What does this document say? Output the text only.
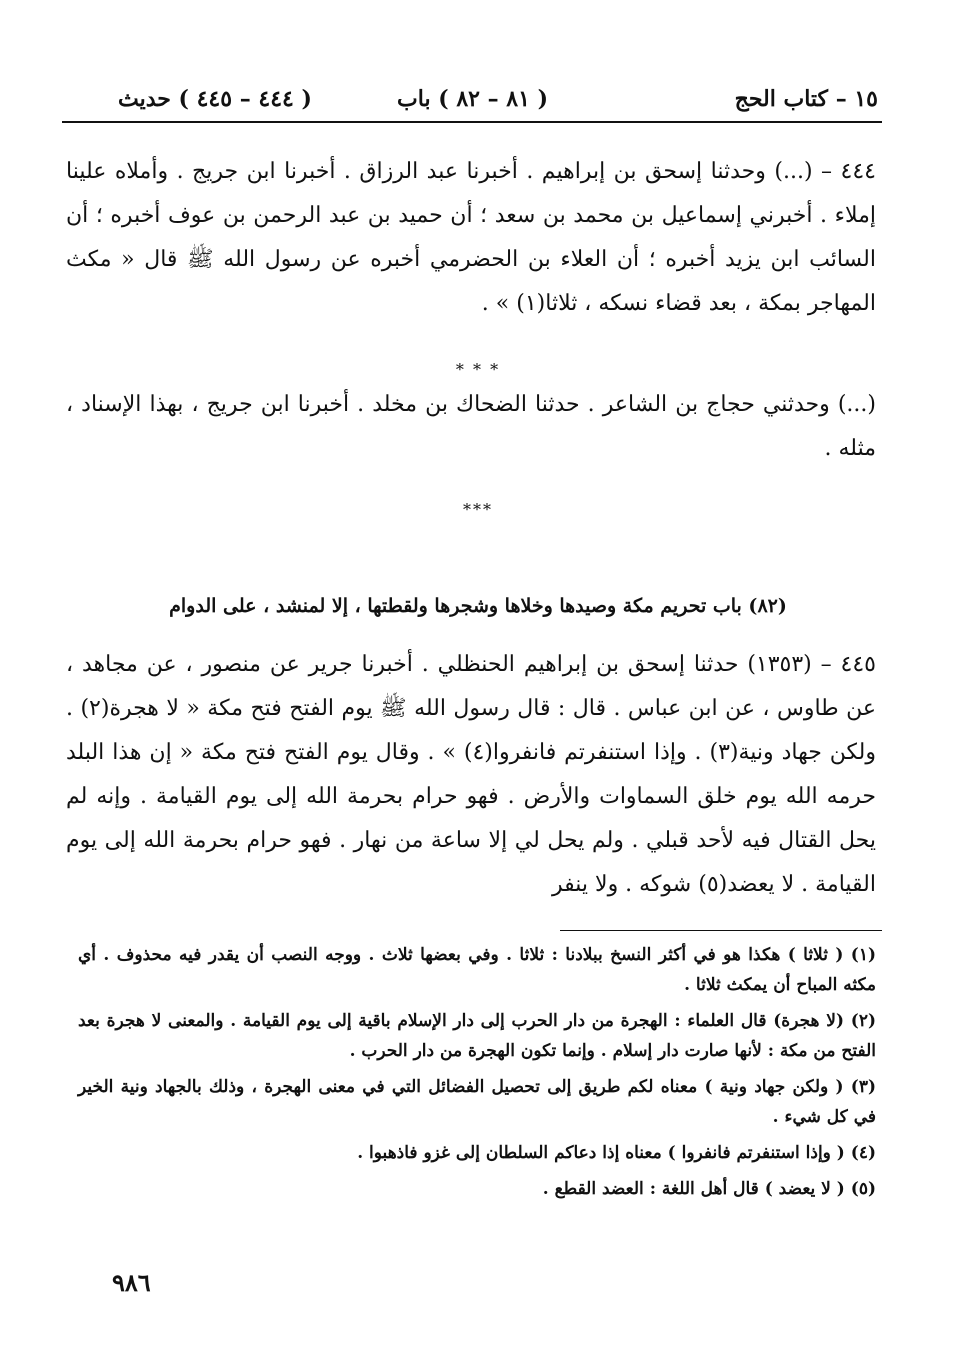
١٥ – كتاب الحج
( ٨١ – ٨٢ ) باب
( ٤٤٤ – ٤٤٥ ) حديث
٤٤٤ – (...) وحدثنا إسحق بن إبراهيم . أخبرنا عبد الرزاق . أخبرنا ابن جريج . وأملاه علينا إملاء . أخبرني إسماعيل بن محمد بن سعد ؛ أن حميد بن عبد الرحمن بن عوف أخبره ؛ أن السائب ابن يزيد أخبره ؛ أن العلاء بن الحضرمي أخبره عن رسول الله ﷺ قال « مكث المهاجر بمكة ، بعد قضاء نسكه ، ثلاثا(١) » .
* * *
(...) وحدثني حجاج بن الشاعر . حدثنا الضحاك بن مخلد . أخبرنا ابن جريج ، بهذا الإسناد ، مثله .
***
(٨٢) باب تحريم مكة وصيدها وخلاها وشجرها ولقطتها ، إلا لمنشد ، على الدوام
٤٤٥ – (١٣٥٣) حدثنا إسحق بن إبراهيم الحنظلي . أخبرنا جرير عن منصور ، عن مجاهد ، عن طاوس ، عن ابن عباس . قال : قال رسول الله ﷺ يوم الفتح فتح مكة « لا هجرة(٢) . ولكن جهاد ونية(٣) . وإذا استنفرتم فانفروا(٤) » . وقال يوم الفتح فتح مكة « إن هذا البلد حرمه الله يوم خلق السماوات والأرض . فهو حرام بحرمة الله إلى يوم القيامة . وإنه لم يحل القتال فيه لأحد قبلي . ولم يحل لي إلا ساعة من نهار . فهو حرام بحرمة الله إلى يوم القيامة . لا يعضد(٥) شوكه . ولا ينفر
(١) ( ثلاثا ) هكذا هو في أكثر النسخ ببلادنا : ثلاثا . وفي بعضها ثلاث . ووجه النصب أن يقدر فيه محذوف . أي مكثه المباح أن يمكث ثلاثا .
(٢) (لا هجرة) قال العلماء : الهجرة من دار الحرب إلى دار الإسلام باقية إلى يوم القيامة . والمعنى لا هجرة بعد الفتح من مكة : لأنها صارت دار إسلام . وإنما تكون الهجرة من دار الحرب .
(٣) ( ولكن جهاد ونية ) معناه لكم طريق إلى تحصيل الفضائل التي في معنى الهجرة ، وذلك بالجهاد ونية الخير في كل شيء .
(٤) ( وإذا استنفرتم فانفروا ) معناه إذا دعاكم السلطان إلى غزو فاذهبوا .
(٥) ( لا يعضد ) قال أهل اللغة : العضد القطع .
٩٨٦
